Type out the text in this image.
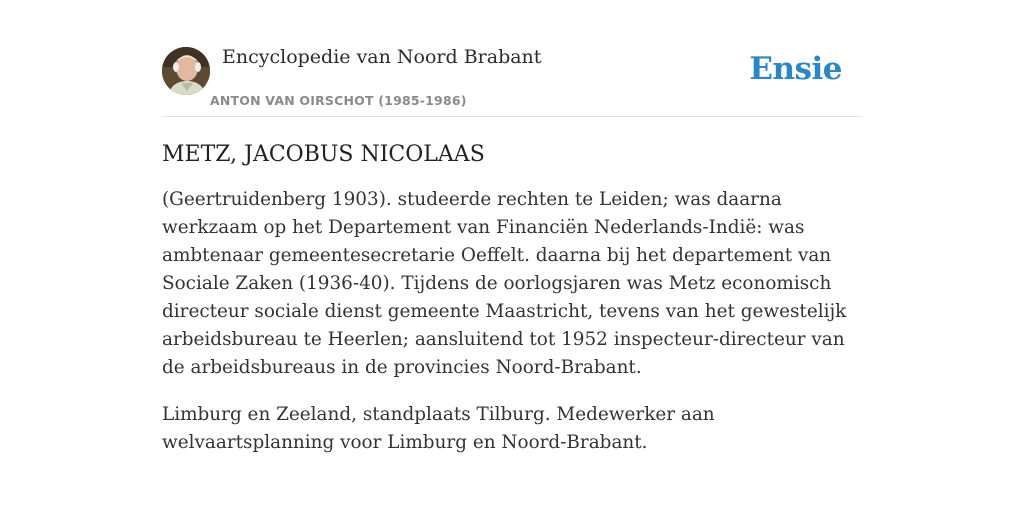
Encyclopedie van Noord Brabant
ANTON VAN OIRSCHOT (1985-1986)
Ensie
METZ, JACOBUS NICOLAAS

(Geertruidenberg 1903). studeerde rechten te Leiden; was daarna werkzaam op het Departement van Financiën Nederlands-Indië: was ambtenaar gemeentesecretarie Oeffelt. daarna bij het departement van Sociale Zaken (1936-40). Tijdens de oorlogsjaren was Metz economisch directeur sociale dienst gemeente Maastricht, tevens van het gewestelijk arbeidsbureau te Heerlen; aansluitend tot 1952 inspecteur-directeur van de arbeidsbureaus in de provincies Noord-Brabant.

Limburg en Zeeland, standplaats Tilburg. Medewerker aan welvaartsplanning voor Limburg en Noord-Brabant.
